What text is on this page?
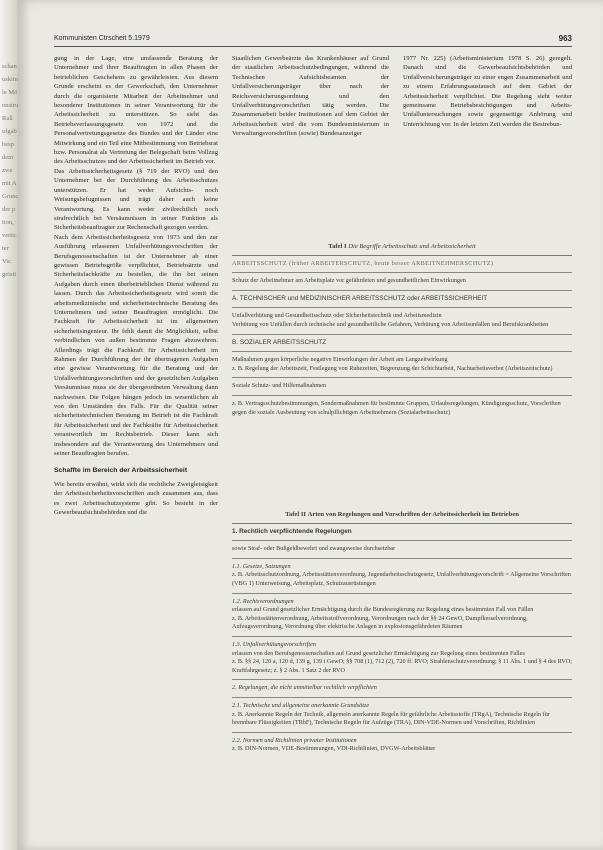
schan
uskiin
le Mö
onstru
Rall
ufgab
besp
dem
zwe
mit A
Grunc
der p
tion,
vertic
ter
Vic
geisti
Kommunisten Ctrscheit 5.1979	963

gung in der Lage, eine umfassende Beratung der Unternehmer und ihrer Beauftragten in allen Phasen der betrieblichen Geschehens zu gewährleisten. Aus diesem Grunde erscheint es der Gewerkschaft, den Unternehmer durch die organisierte Mitarbeit der Arbeitnehmer und besonderer Institutionen in seiner Verantwortung für die Arbeitssicherheit zu unterstützen. So sieht das Betriebsverfassungsgesetz von 1972 und die Personalvertretungsgesetze des Bundes und der Länder eine Mitwirkung und ein Teil eine Mitbestimmung von Betriebsrat bzw. Personalrat als Vertretung der Belegschaft beim Vollzug des Arbeitsschutzes und der Arbeitssicherheit im Betrieb vor.

Das Arbeitssicherheitsgesetz (§ 719 der RVO) und den Unternehmer bei der Durchführung des Arbeitsschutzes unterstützen. Er hat weder Aufsichts- noch Weisungsbefugnissen und trägt daher auch keine Verantwortung. Es kann weder zivilrechtlich noch strafrechtlich bei Versäumnissen in seiner Funktion als Sicherheitsbeauftragter zur Rechenschaft gezogen werden.

Nach dem Arbeitssicherheitsgesetz von 1973 und den zur Ausführung erlassenen Unfallverhütungsvorschriften der Berufsgenossenschaften ist der Unternehmer ab einer gewissen Betriebsgröße verpflichtet, Betriebsärzte und Sicherheitsfachkräfte zu bestellen, die ihn bei seinen Aufgaben durch einen überbetrieblichen Dienst während zu lassen. Durch das Arbeitssicherheitsgesetz wird somit die arbeitsmedizinische und sicherheitstechnische Beratung des Unternehmers und seiner Beauftragten ermöglicht. Die Fachkraft für Arbeitssicherheit ist im allgemeinen sicherheitsingenieur. Ihr fehlt damit die Möglichkeit, selbst verbindlichen von außen bestimmte Fragen abzuwehren. Allerdings trägt die Fachkraft für Arbeitssicherheit im Rahmen der Durchführung der ihr übertragenen Aufgaben eine gewisse Verantwortung für die Beratung und der Unfallverhütungsvorschriften und der gesetzlichen Aufgaben Versäumnisse muss sie der übergeordneten Verwaltung dann nachweisen. Die Folgen hängen jedoch im wesentlichen ab von den Umständen des Falls. Für die Qualität seiner sicherheitstechnischen Beratung im Betrieb ist die Fachkraft für Arbeitssicherheit und der Fachkräfte für Arbeitssicherheit verantwortlich im Rechtsbetrieb. Dieser kann sich insbesondere auf die Verantwortung des Unternehmers und seiner Beauftragten berufen.

Schaffte im Bereich der Arbeitssicherheit

Wie bereits erwähnt, wirkt sich die rechtliche Zweigleisigkeit der Arbeitssicherheitsvorschriften auch zusammen aus, dass es zwei Arbeitsschutzsysteme gibt. So besteht in der Gewerbeaufsichtsbehörden und die

Staatlichen Gewerbeärzte das Krankenhäuser auf Grund der staatlichen Arbeitsschutzbedingungen, während die Technischen Aufsichtsbeamten der Unfallversicherungsträger über nach der Reichsversicherungsordnung und den Unfallverhütungsvorschriften tätig werden. Die Zusammenarbeit beider Institutionen auf dem Gebiet der Arbeitssicherheit wird die vom Bundesministerium in Verwaltungsvorschriften (sowie) Bundesanzeiger

1977 Nr. 225) (Arbeitsministerium 1978 S. 26) geregelt. Danach sind die Gewerbeaufsichtsbehörden und Unfallversicherungsträger zu einer engen Zusammenarbeit und zu einem Erfahrungsaustausch auf dem Gebiet der Arbeitssicherheit verpflichtet. Die Regelung sieht weiter gemeinsame Betriebsbesichtigungen und Arbeits-Unfalluntersuchungen sowie gegenseitige Anhörung und Unterrichtung vor. In der letzten Zeit werden die Bestrebun-

Tafel I Die Begriffe Arbeitsschutz und Arbeitssicherheit
ARBEITSSCHUTZ (früher ARBEITERSCHUTZ, heute besser ARBEITNEHMERSCHUTZ)
Schutz der Arbeitnehmer am Arbeitsplatz vor gefährdeten und gesundheitlichen Einwirkungen
A. TECHNISCHER und MEDIZINISCHER ARBEITSSCHUTZ oder ARBEITSSICHERHEIT
Unfallverhütung und Gesundheitsschutz oder Sicherheitstechnik und Arbeitsmedizin
Verhütung von Unfällen durch technische und gesundheitliche Gefahren, Verhütung von Arbeitsunfällen und Berufskrankheiten
B. SOZIALER ARBEITSSCHUTZ
Maßnahmen gegen körperliche negative Einwirkungen der Arbeit am Langzeitwirkung
z. B. Regelung der Arbeitszeit, Festlegung von Ruhezeiten, Begrenzung der Schichtarbeit, Nachtarbeitsverbot (Arbeitszeitschutz)
Soziale Schutz- und Hilfemaßnahmen
z. B. Vertragsschutzbestimmungen, Sondermaßnahmen für bestimmte Gruppen, Urlaubsregelungen, Kündigungsschutz, Vorschriften gegen die soziale Ausbeutung von schulpflichtigen Arbeitnehmern (Sozialarbeitsschutz)
Tafel II Arten von Regelungen und Vorschriften der Arbeitssicherheit im Betrieben
1. Rechtlich verpflichtende Regelungen
sowie Straf- oder Bußgeldbewehrt und zwangsweise durchsetzbar
1.1. Gesetze, Satzungen
z. B. Arbeitsschutzordnung, Arbeitsstättenverordnung, Jugendarbeitsschutzgesetz, Unfallverhütungsvorschrift = Allgemeine Vorschriften (VBG 1) Unterweisung, Arbeitsplatz, Schutzausrüstungen
1.2. Rechtsverordnungen
erlassen auf Grund gesetzlicher Ermächtigung durch die Bundesregierung zur Regelung eines bestimmten Fall von Fällen
z. B. Arbeitsstättenverordnung, Arbeitsstoffverordnung, Verordnungen nach der §§ 24 GewO, Dampfkesselverordnung, Aufzugsverordnung, Verordnung über elektrische Anlagen in explosionsgefährdeten Räumen
1.3. Unfallverhütungsvorschriften
erlassen von den Berufsgenossenschaften auf Grund gesetzlicher Ermächtigung zur Regelung eines bestimmten Falles
z. B. §§ 24, 120 a, 120 d, 139 g, 139 i GewO; §§ 708 (1), 712 (2), 720 ff. RVO; Strahlenschutzverordnung; § 11 Abs. 1 und § 4 des RVO; Kraftfahrgesetz; z. § 2 Abs. 1 Satz 2 der RVO
2. Regelungen, die nicht unmittelbar rechtlich verpflichten
2.1. Technische und allgemeine anerkannte Grundsätze
z. B. Anerkannte Regeln der Technik, allgemein anerkannte Regeln für gefährliche Arbeitsstoffe (TRgA), Technische Regeln für brennbare Flüssigkeiten (TRbF), Technische Regeln für Aufzüge (TRA), DIN-VDE-Normen und Vorschriften, Richtlinien
2.2. Normen und Richtlinien privater Institutionen
z. B. DIN-Normen, VDE-Bestimmungen, VDI-Richtlinien, DVGW-Arbeitsblätter
